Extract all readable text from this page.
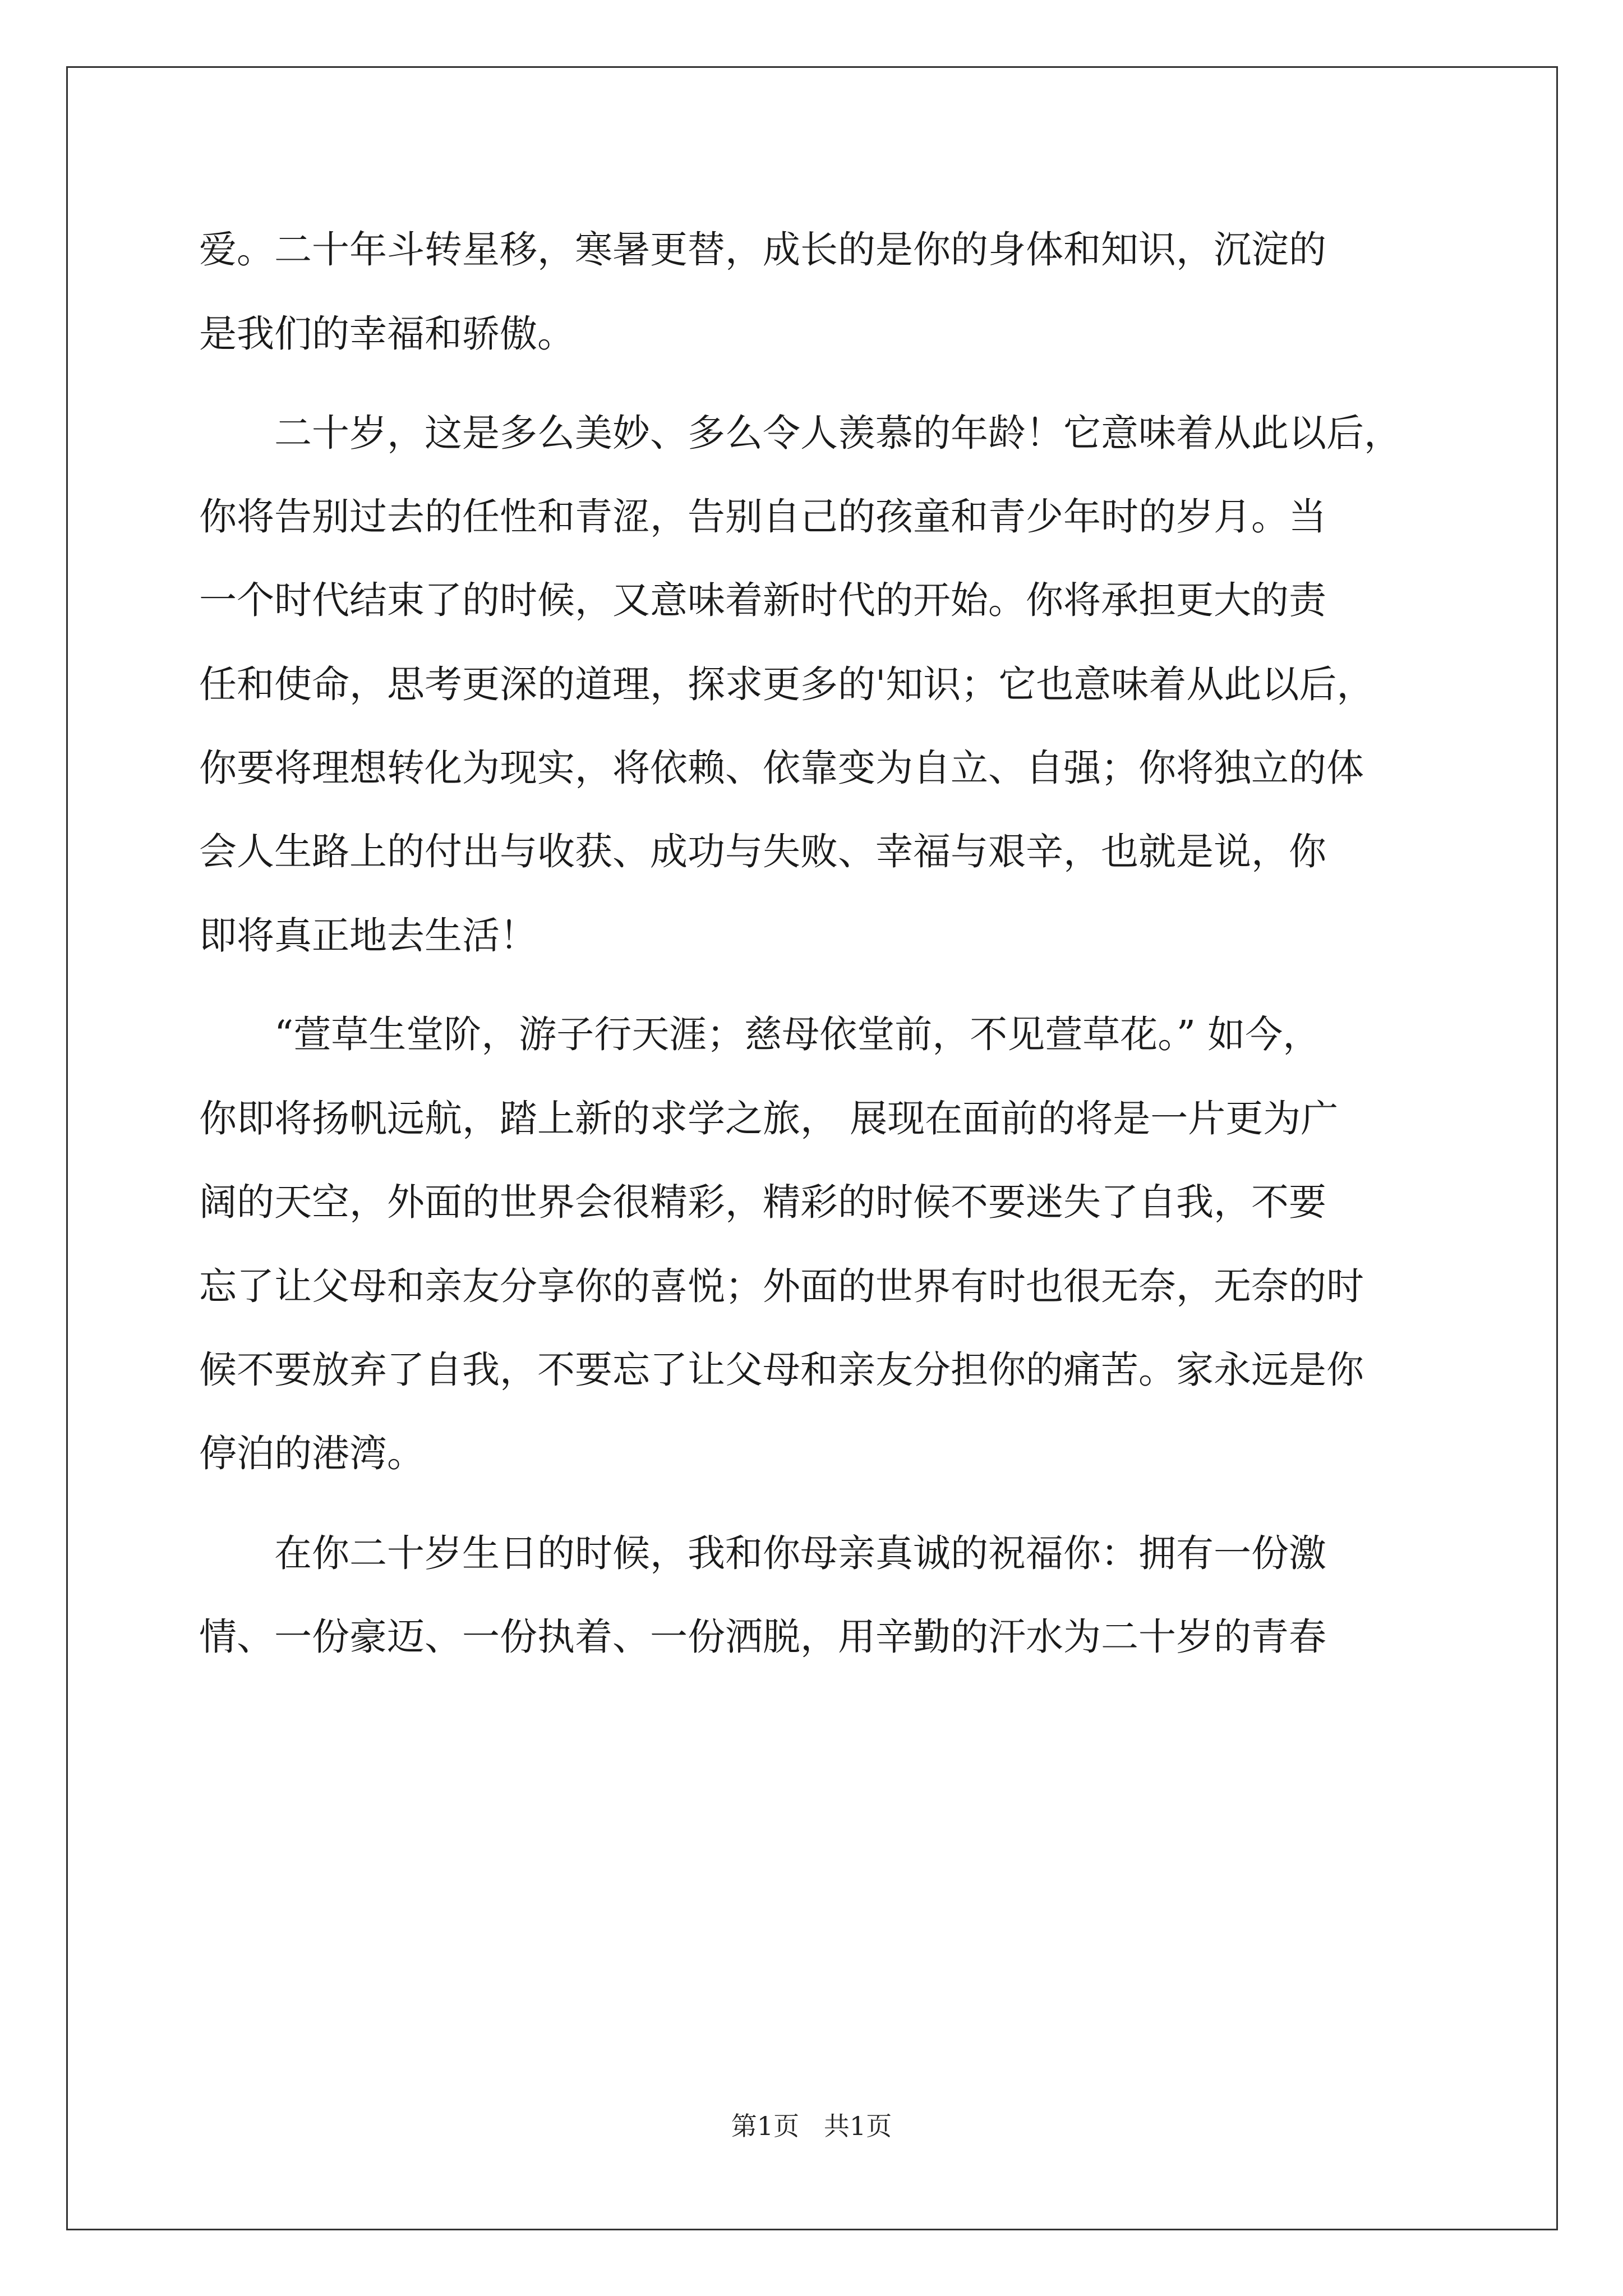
爱。二十年斗转星移，寒暑更替，成长的是你的身体和知识，沉淀的
是我们的幸福和骄傲。
　　二十岁，这是多么美妙、多么令人羡慕的年龄！它意味着从此以后，
你将告别过去的任性和青涩，告别自己的孩童和青少年时的岁月。当
一个时代结束了的时候，又意味着新时代的开始。你将承担更大的责
任和使命，思考更深的道理，探求更多的'知识；它也意味着从此以后，
你要将理想转化为现实，将依赖、依靠变为自立、自强；你将独立的体
会人生路上的付出与收获、成功与失败、幸福与艰辛，也就是说，你
即将真正地去生活！
　　“萱草生堂阶，游子行天涯；慈母依堂前，不见萱草花。” 如今，
你即将扬帆远航，踏上新的求学之旅， 展现在面前的将是一片更为广
阔的天空，外面的世界会很精彩，精彩的时候不要迷失了自我，不要
忘了让父母和亲友分享你的喜悦；外面的世界有时也很无奈，无奈的时
候不要放弃了自我，不要忘了让父母和亲友分担你的痛苦。家永远是你
停泊的港湾。
　　在你二十岁生日的时候，我和你母亲真诚的祝福你：拥有一份激
情、一份豪迈、一份执着、一份洒脱，用辛勤的汗水为二十岁的青春
第1页   共1页
